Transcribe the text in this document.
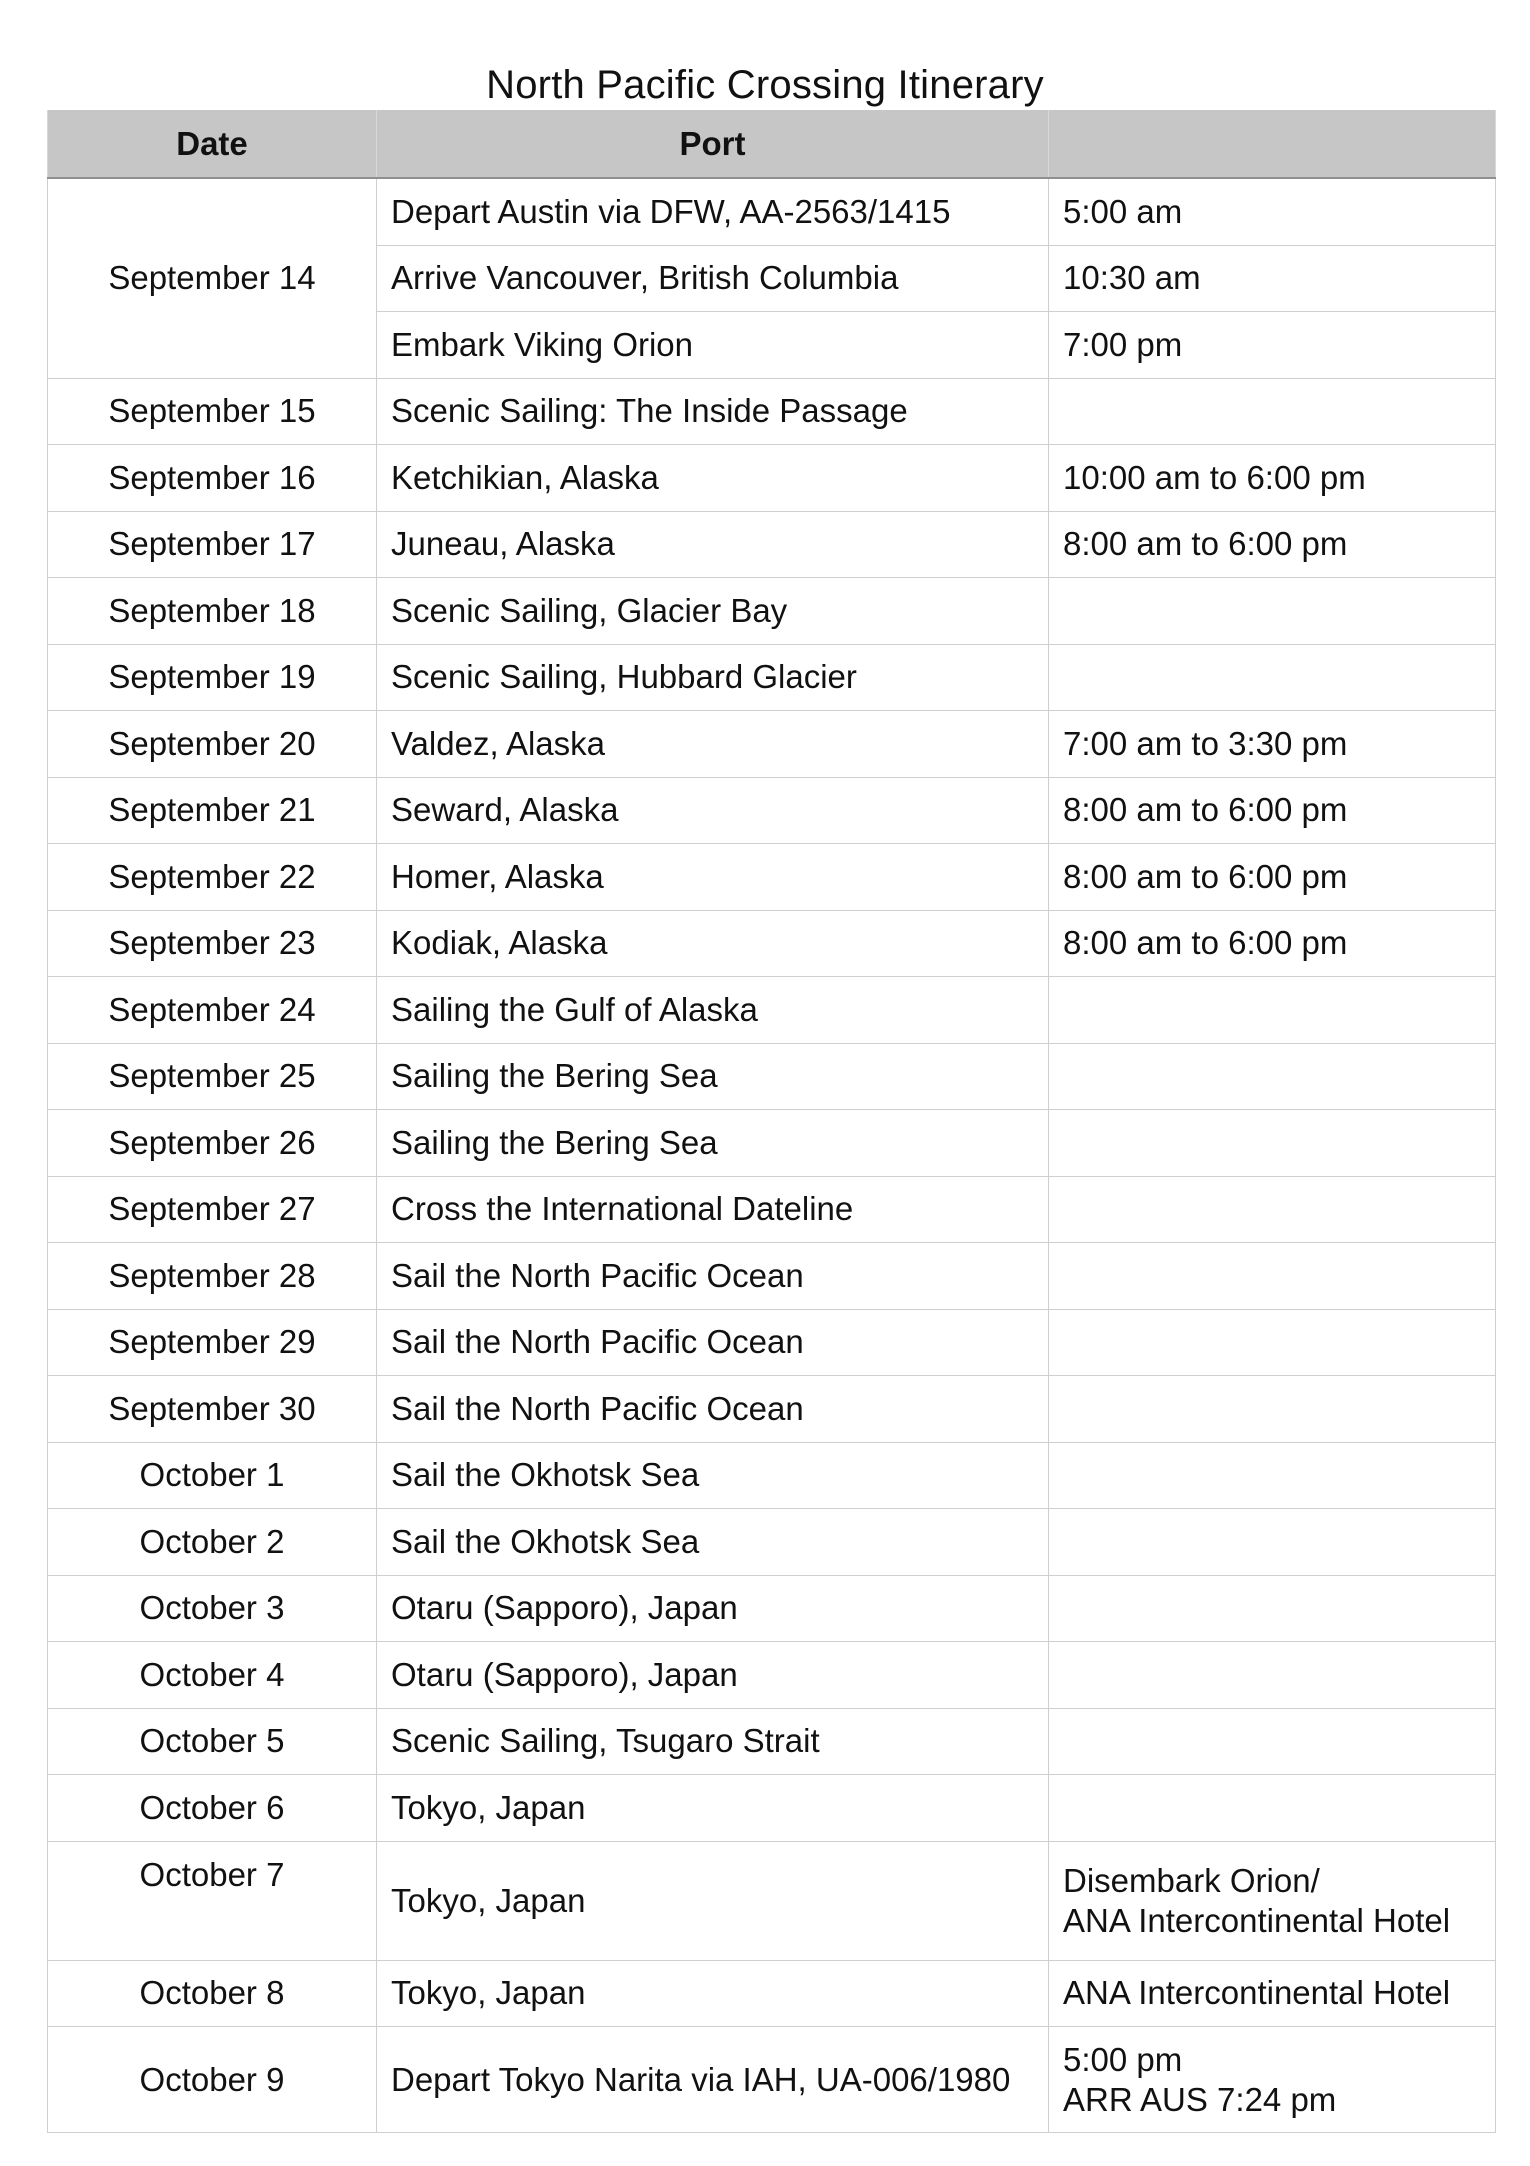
North Pacific Crossing Itinerary
Date	Port	
September 14	Depart Austin via DFW, AA-2563/1415	5:00 am
	Arrive Vancouver, British Columbia	10:30 am
	Embark Viking Orion	7:00 pm
September 15	Scenic Sailing: The Inside Passage	
September 16	Ketchikian, Alaska	10:00 am to 6:00 pm
September 17	Juneau, Alaska	8:00 am to 6:00 pm
September 18	Scenic Sailing, Glacier Bay	
September 19	Scenic Sailing, Hubbard Glacier	
September 20	Valdez, Alaska	7:00 am to 3:30 pm
September 21	Seward, Alaska	8:00 am to 6:00 pm
September 22	Homer, Alaska	8:00 am to 6:00 pm
September 23	Kodiak, Alaska	8:00 am to 6:00 pm
September 24	Sailing the Gulf of Alaska	
September 25	Sailing the Bering Sea	
September 26	Sailing the Bering Sea	
September 27	Cross the International Dateline	
September 28	Sail the North Pacific Ocean	
September 29	Sail the North Pacific Ocean	
September 30	Sail the North Pacific Ocean	
October 1	Sail the Okhotsk Sea	
October 2	Sail the Okhotsk Sea	
October 3	Otaru (Sapporo), Japan	
October 4	Otaru (Sapporo), Japan	
October 5	Scenic Sailing, Tsugaro Strait	
October 6	Tokyo, Japan	
October 7	Tokyo, Japan	Disembark Orion/
ANA Intercontinental Hotel

October 8	Tokyo, Japan	ANA Intercontinental Hotel
October 9	Depart Tokyo Narita via IAH, UA-006/1980	5:00 pm
ARR AUS 7:24 pm
